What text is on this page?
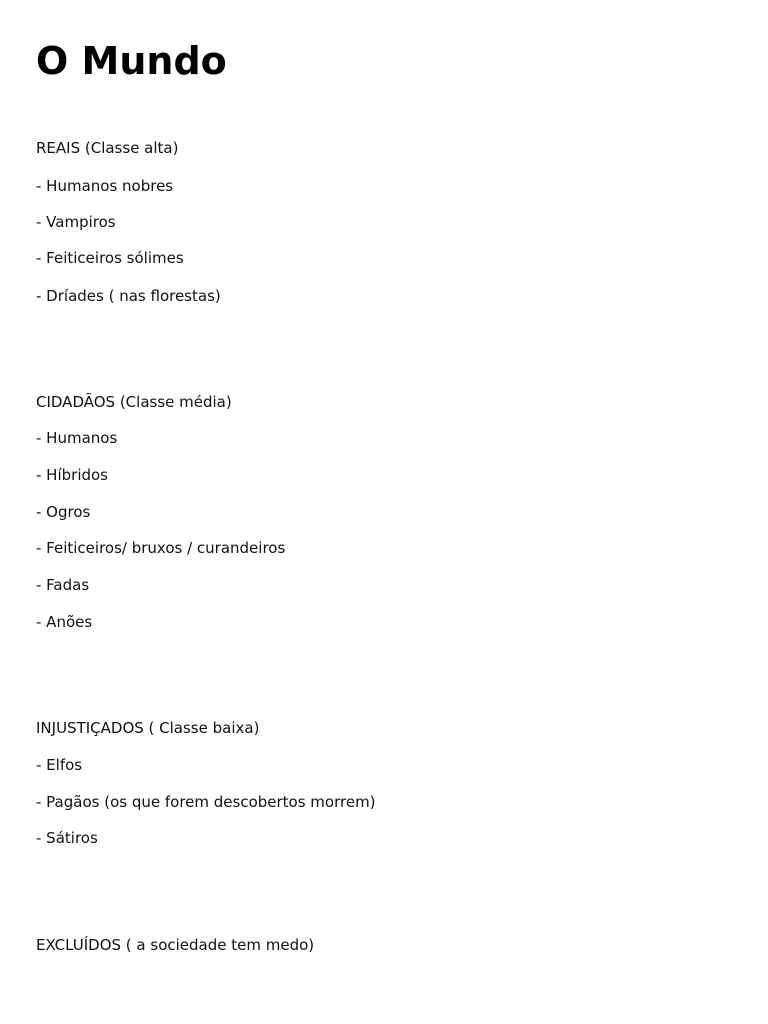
O Mundo
REAIS (Classe alta)
- Humanos nobres
- Vampiros
- Feiticeiros sólimes
- Dríades ( nas florestas)
CIDADÃOS (Classe média)
- Humanos
- Híbridos
- Ogros
- Feiticeiros/ bruxos / curandeiros
- Fadas
- Anões
INJUSTIÇADOS ( Classe baixa)
- Elfos
- Pagãos (os que forem descobertos morrem)
- Sátiros
EXCLUÍDOS ( a sociedade tem medo)
